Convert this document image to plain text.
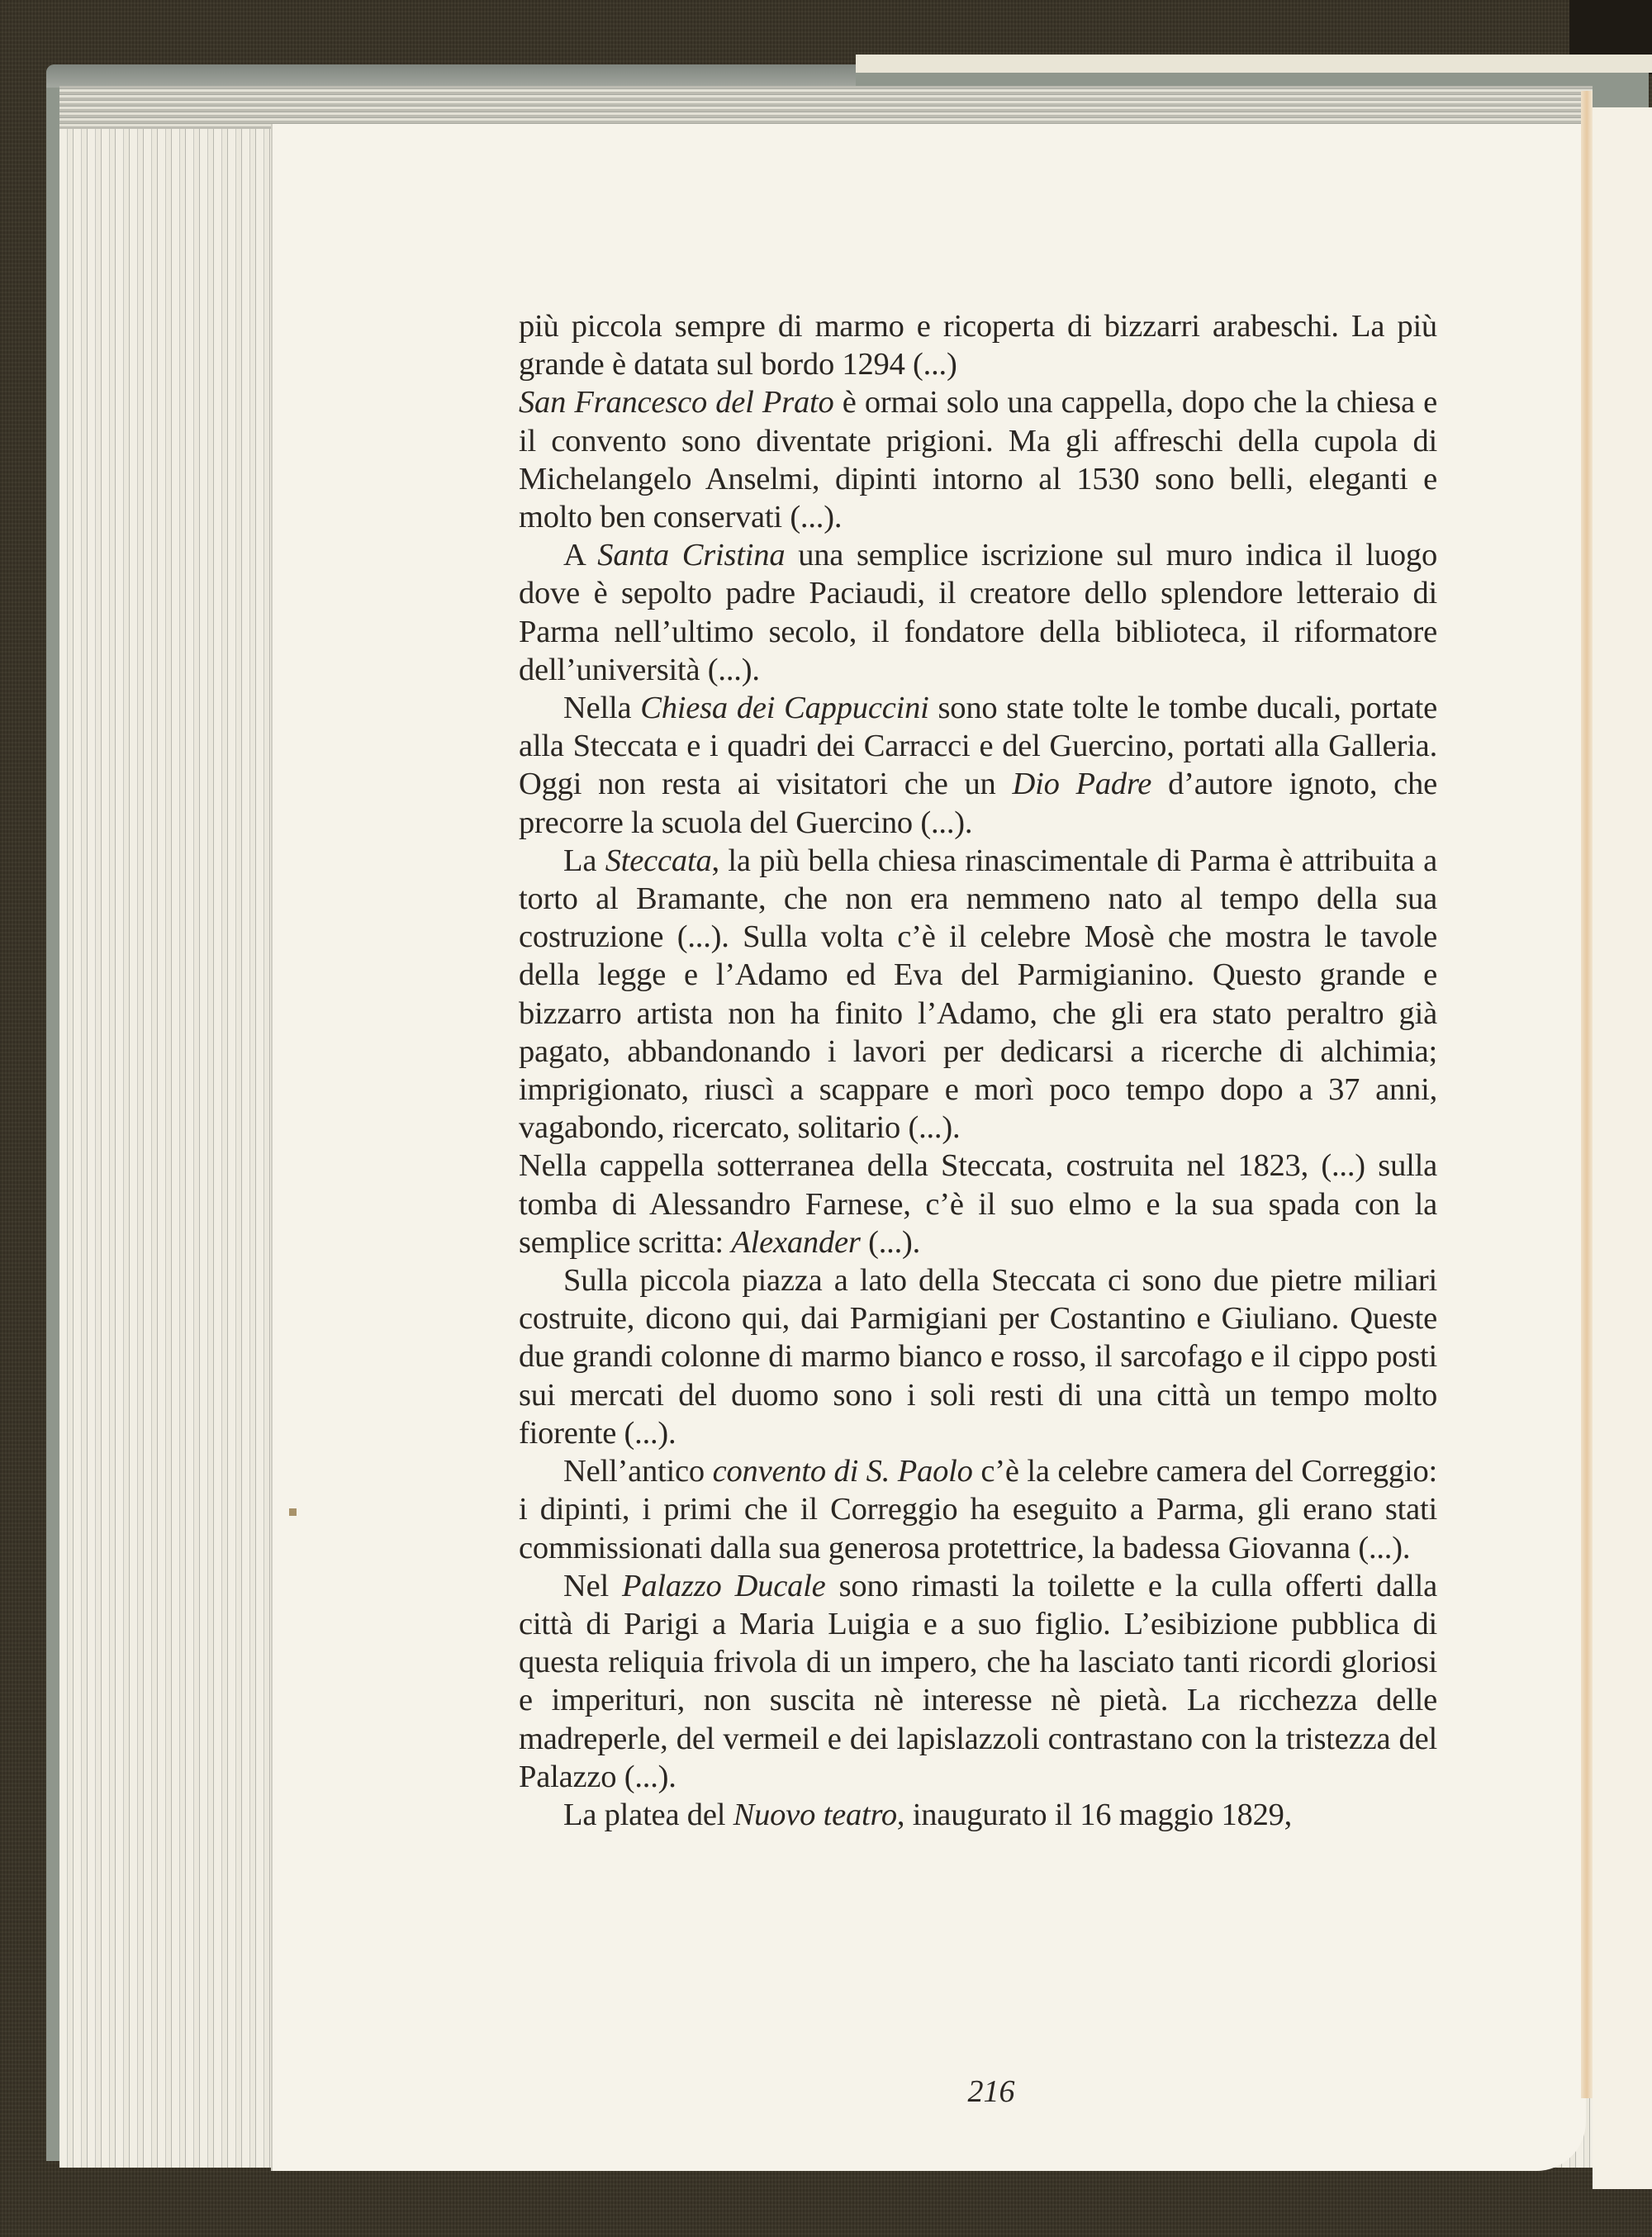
più piccola sempre di marmo e ricoperta di bizzarri arabeschi. La più grande è datata sul bordo 1294 (...)

San Francesco del Prato è ormai solo una cappella, dopo che la chiesa e il convento sono diventate prigioni. Ma gli affreschi della cupola di Michelangelo Anselmi, dipinti intorno al 1530 sono belli, eleganti e molto ben conservati (...).

A Santa Cristina una semplice iscrizione sul muro indica il luogo dove è sepolto padre Paciaudi, il creatore dello splendore letteraio di Parma nell’ultimo secolo, il fondatore della biblioteca, il riformatore dell’università (...).

Nella Chiesa dei Cappuccini sono state tolte le tombe ducali, portate alla Steccata e i quadri dei Carracci e del Guercino, portati alla Galleria. Oggi non resta ai visitatori che un Dio Padre d’autore ignoto, che precorre la scuola del Guercino (...).

La Steccata, la più bella chiesa rinascimentale di Parma è attribuita a torto al Bramante, che non era nemmeno nato al tempo della sua costruzione (...). Sulla volta c’è il celebre Mosè che mostra le tavole della legge e l’Adamo ed Eva del Parmigianino. Questo grande e bizzarro artista non ha finito l’Adamo, che gli era stato peraltro già pagato, abbandonando i lavori per dedicarsi a ricerche di alchimia; imprigionato, riuscì a scappare e morì poco tempo dopo a 37 anni, vagabondo, ricercato, solitario (...).

Nella cappella sotterranea della Steccata, costruita nel 1823, (...) sulla tomba di Alessandro Farnese, c’è il suo elmo e la sua spada con la semplice scritta: Alexander (...).

Sulla piccola piazza a lato della Steccata ci sono due pietre miliari costruite, dicono qui, dai Parmigiani per Costantino e Giuliano. Queste due grandi colonne di marmo bianco e rosso, il sarcofago e il cippo posti sui mercati del duomo sono i soli resti di una città un tempo molto fiorente (...).

Nell’antico convento di S. Paolo c’è la celebre camera del Correggio: i dipinti, i primi che il Correggio ha eseguito a Parma, gli erano stati commissionati dalla sua generosa protettrice, la badessa Giovanna (...).

Nel Palazzo Ducale sono rimasti la toilette e la culla offerti dalla città di Parigi a Maria Luigia e a suo figlio. L’esibizione pubblica di questa reliquia frivola di un impero, che ha lasciato tanti ricordi gloriosi e imperituri, non suscita nè interesse nè pietà. La ricchezza delle madreperle, del vermeil e dei lapislazzoli contrastano con la tristezza del Palazzo (...).

La platea del Nuovo teatro, inaugurato il 16 maggio 1829,

216
